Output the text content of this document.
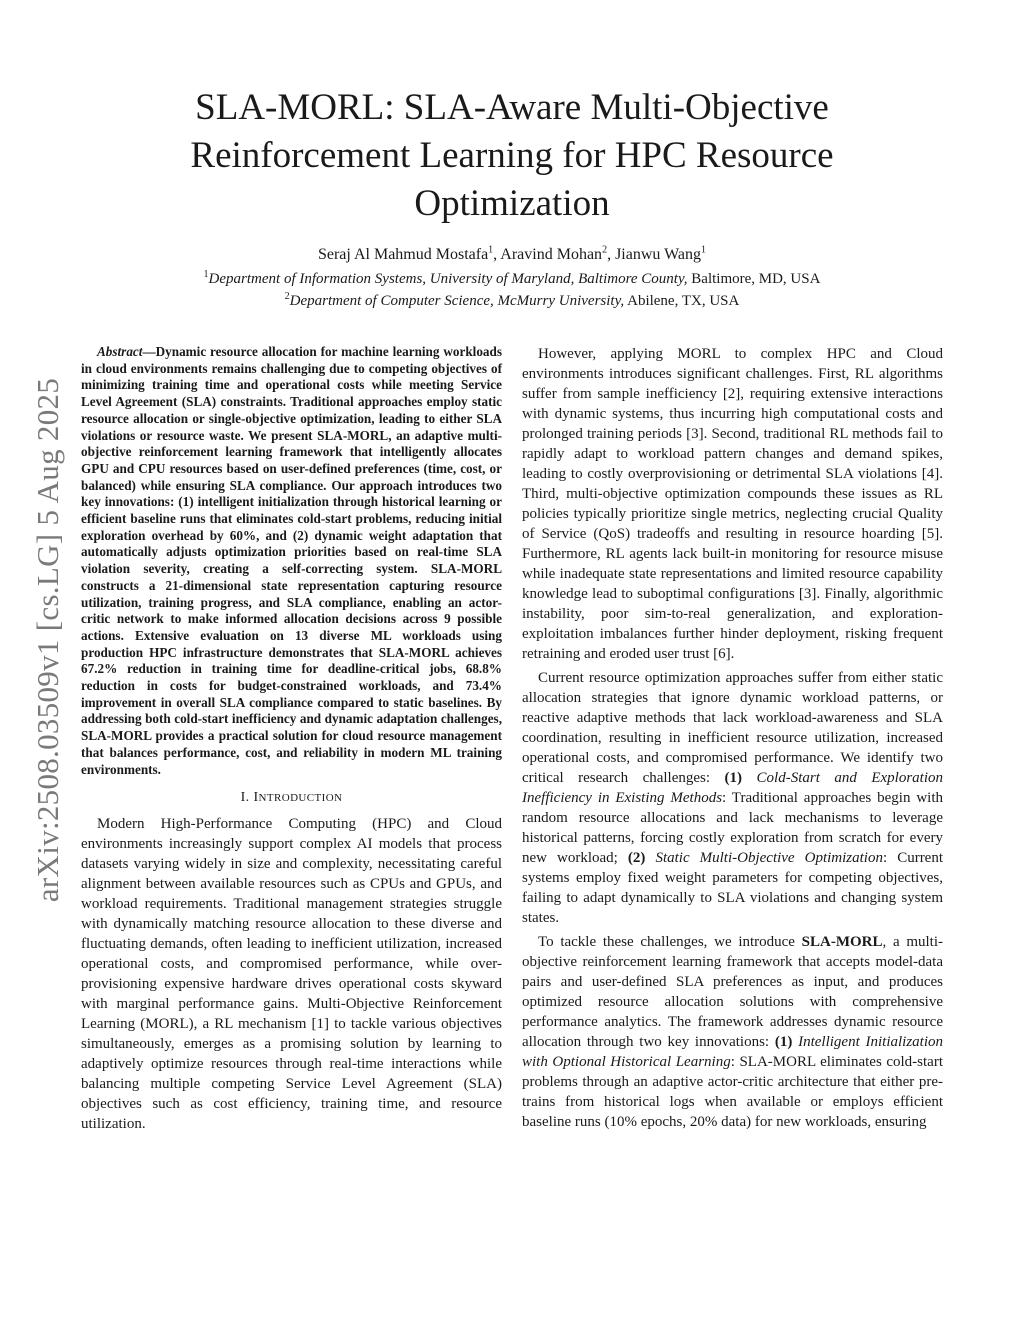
arXiv:2508.03509v1 [cs.LG] 5 Aug 2025
SLA-MORL: SLA-Aware Multi-Objective Reinforcement Learning for HPC Resource Optimization
Seraj Al Mahmud Mostafa$^1$, Aravind Mohan$^2$, Jianwu Wang$^1$
$^1$Department of Information Systems, University of Maryland, Baltimore County, Baltimore, MD, USA
$^2$Department of Computer Science, McMurry University, Abilene, TX, USA

Abstract—Dynamic resource allocation for machine learning workloads in cloud environments remains challenging due to competing objectives of minimizing training time and operational costs while meeting Service Level Agreement (SLA) constraints. Traditional approaches employ static resource allocation or single-objective optimization, leading to either SLA violations or resource waste. We present SLA-MORL, an adaptive multi-objective reinforcement learning framework that intelligently allocates GPU and CPU resources based on user-defined preferences (time, cost, or balanced) while ensuring SLA compliance. Our approach introduces two key innovations: (1) intelligent initialization through historical learning or efficient baseline runs that eliminates cold-start problems, reducing initial exploration overhead by 60%, and (2) dynamic weight adaptation that automatically adjusts optimization priorities based on real-time SLA violation severity, creating a self-correcting system. SLA-MORL constructs a 21-dimensional state representation capturing resource utilization, training progress, and SLA compliance, enabling an actor-critic network to make informed allocation decisions across 9 possible actions. Extensive evaluation on 13 diverse ML workloads using production HPC infrastructure demonstrates that SLA-MORL achieves 67.2% reduction in training time for deadline-critical jobs, 68.8% reduction in costs for budget-constrained workloads, and 73.4% improvement in overall SLA compliance compared to static baselines. By addressing both cold-start inefficiency and dynamic adaptation challenges, SLA-MORL provides a practical solution for cloud resource management that balances performance, cost, and reliability in modern ML training environments.

I. INTRODUCTION

Modern High-Performance Computing (HPC) and Cloud environments increasingly support complex AI models that process datasets varying widely in size and complexity, necessitating careful alignment between available resources such as CPUs and GPUs, and workload requirements. Traditional management strategies struggle with dynamically matching resource allocation to these diverse and fluctuating demands, often leading to inefficient utilization, increased operational costs, and compromised performance, while over-provisioning expensive hardware drives operational costs skyward with marginal performance gains. Multi-Objective Reinforcement Learning (MORL), a RL mechanism [1] to tackle various objectives simultaneously, emerges as a promising solution by learning to adaptively optimize resources through real-time interactions while balancing multiple competing Service Level Agreement (SLA) objectives such as cost efficiency, training time, and resource utilization.

However, applying MORL to complex HPC and Cloud environments introduces significant challenges. First, RL algorithms suffer from sample inefficiency [2], requiring extensive interactions with dynamic systems, thus incurring high computational costs and prolonged training periods [3]. Second, traditional RL methods fail to rapidly adapt to workload pattern changes and demand spikes, leading to costly overprovisioning or detrimental SLA violations [4]. Third, multi-objective optimization compounds these issues as RL policies typically prioritize single metrics, neglecting crucial Quality of Service (QoS) tradeoffs and resulting in resource hoarding [5]. Furthermore, RL agents lack built-in monitoring for resource misuse while inadequate state representations and limited resource capability knowledge lead to suboptimal configurations [3]. Finally, algorithmic instability, poor sim-to-real generalization, and exploration-exploitation imbalances further hinder deployment, risking frequent retraining and eroded user trust [6].

Current resource optimization approaches suffer from either static allocation strategies that ignore dynamic workload patterns, or reactive adaptive methods that lack workload-awareness and SLA coordination, resulting in inefficient resource utilization, increased operational costs, and compromised performance. We identify two critical research challenges: (1) Cold-Start and Exploration Inefficiency in Existing Methods: Traditional approaches begin with random resource allocations and lack mechanisms to leverage historical patterns, forcing costly exploration from scratch for every new workload; (2) Static Multi-Objective Optimization: Current systems employ fixed weight parameters for competing objectives, failing to adapt dynamically to SLA violations and changing system states.

To tackle these challenges, we introduce SLA-MORL, a multi-objective reinforcement learning framework that accepts model-data pairs and user-defined SLA preferences as input, and produces optimized resource allocation solutions with comprehensive performance analytics. The framework addresses dynamic resource allocation through two key innovations: (1) Intelligent Initialization with Optional Historical Learning: SLA-MORL eliminates cold-start problems through an adaptive actor-critic architecture that either pre-trains from historical logs when available or employs efficient baseline runs (10% epochs, 20% data) for new workloads, ensuring
